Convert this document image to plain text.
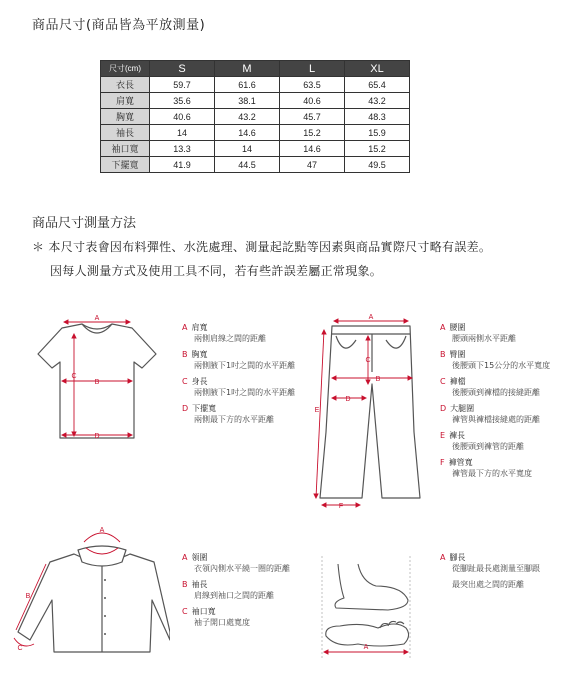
商品尺寸(商品皆為平放測量)
尺寸(cm)	S	M	L	XL
衣長	59.7	61.6	63.5	65.4
肩寬	35.6	38.1	40.6	43.2
胸寬	40.6	43.2	45.7	48.3
袖長	14	14.6	15.2	15.9
袖口寬	13.3	14	14.6	15.2
下擺寬	41.9	44.5	47	49.5
商品尺寸測量方法
＊ 本尺寸表會因布料彈性、水洗處理、測量起訖點等因素與商品實際尺寸略有誤差。
因每人測量方式及使用工具不同，若有些許誤差屬正常現象。
A
B
C
D
A 肩寬
兩側肩線之間的距離
B 胸寬
兩側腋下1吋之間的水平距離
C 身長
兩側腋下1吋之間的水平距離
D 下擺寬
兩側最下方的水平距離
A
B
C
D
E
F
A 腰圍
腰頭兩側水平距離
B 臀圍
後腰頭下15公分的水平寬度
C 褲檔
後腰頭到褲檔的接縫距離
D 大腿圍
褲管與褲檔接縫處的距離
E 褲長
後腰頭到褲管的距離
F 褲管寬
褲管最下方的水平寬度
A
B
C
A 領圍
衣領內側水平繞一圈的距離
B 袖長
肩線到袖口之間的距離
C 袖口寬
袖子開口處寬度
A
A 腳長
從腳趾最長處測量至腳跟
最突出處之間的距離
